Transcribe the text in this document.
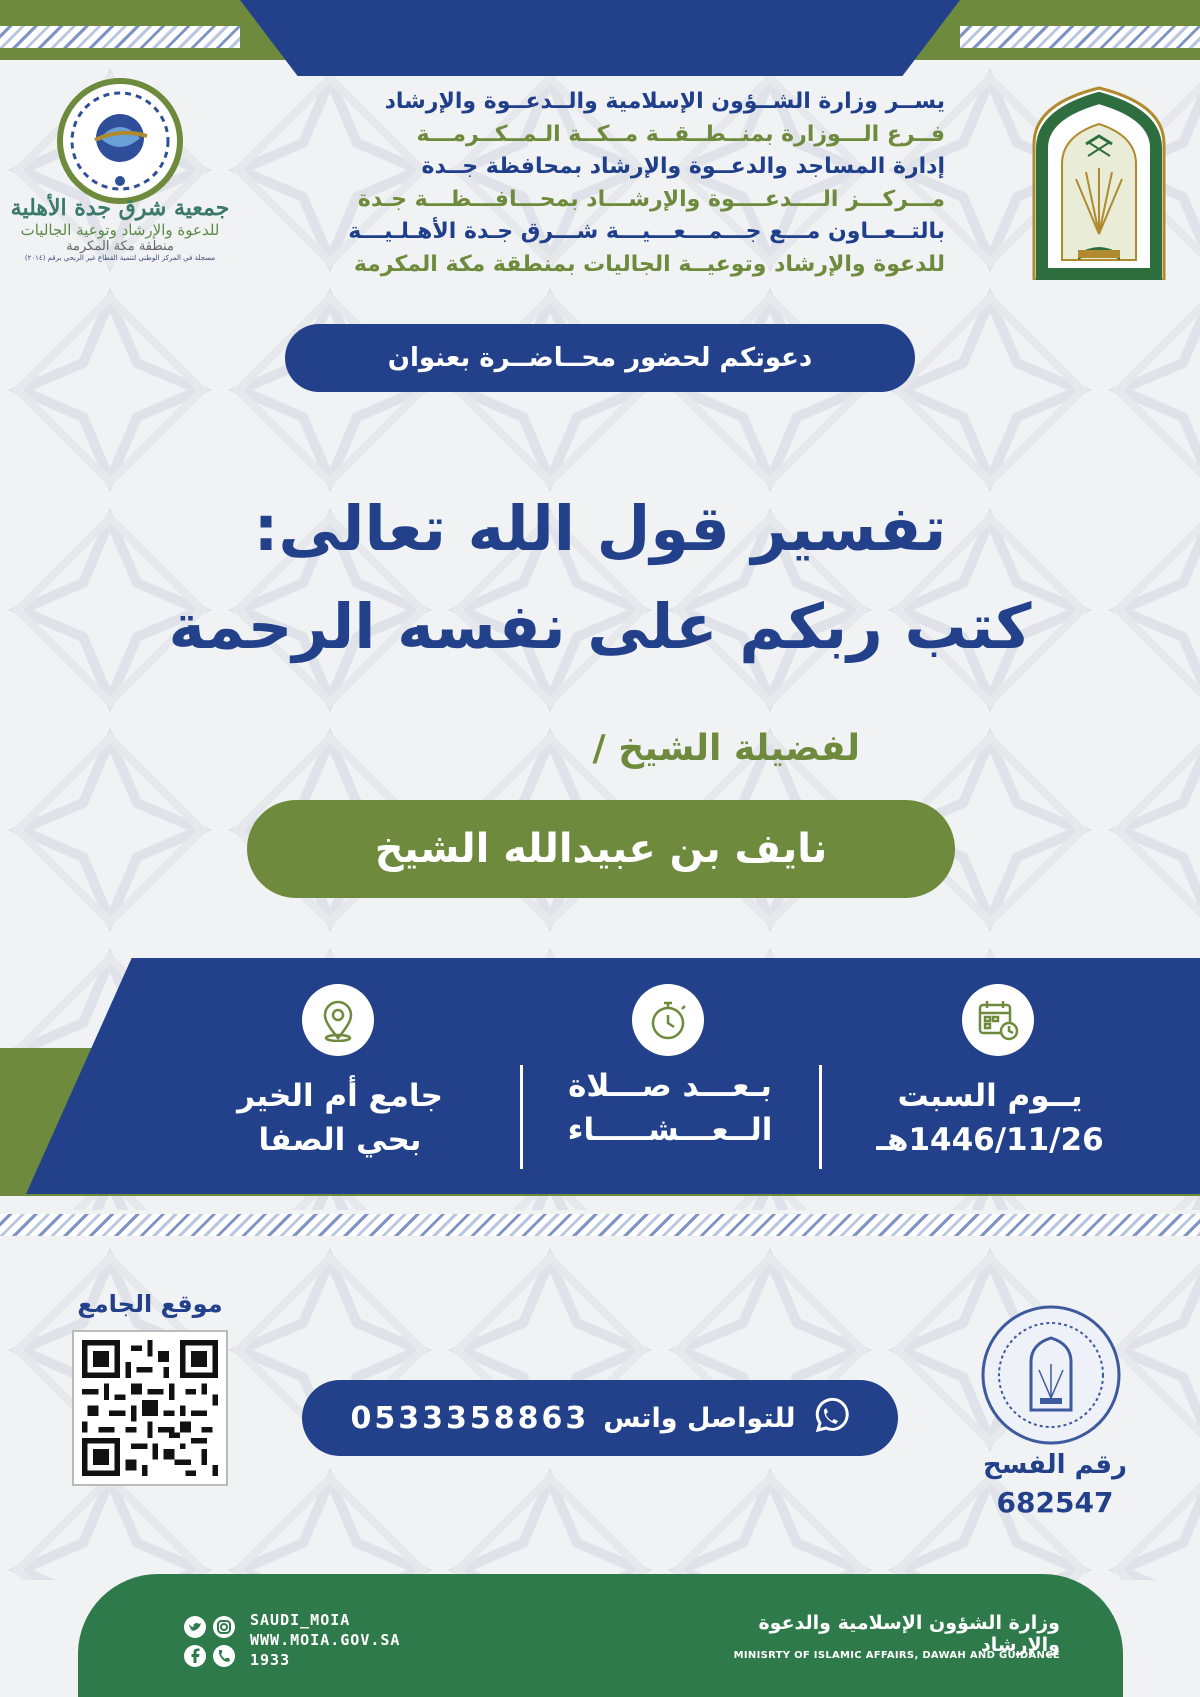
جمعية شرق جدة الأهلية
للدعوة والإرشاد وتوعية الجاليات
منطقة مكة المكرمة
مسجلة في المركز الوطني لتنمية القطاع غير الربحي برقم (٢٠١٤)
يســر وزارة الشــؤون الإسلامية والــدعــوة والإرشاد
فــرع الـــوزارة بمنــطــقــة مــكــة الـمــكــرمـــة
إدارة المساجد والدعــوة والإرشاد بمحافظة جــدة
مـــركـــز الــــدعــــوة والإرشـــاد بمحـــافـــظـــة جـدة
بالتــعــاون مـــع جـــمـــعـــيـــة شـــرق جـدة الأهـلـيـــة
للدعوة والإرشاد وتوعيــة الجاليات بمنطقة مكة المكرمة
دعوتكم لحضور محــاضــرة بعنوان
تفسير قول الله تعالى:
كتب ربكم على نفسه الرحمة
لفضيلة الشيخ /
نايف بن عبيدالله الشيخ
يــوم السبت
1446/11/26هـ
بـعـــد صـــلاة
الــعـــشـــــاء
جامع أم الخير
بحي الصفا
موقع الجامع
للتواصل واتس
0533358863
رقم الفسح
682547
وزارة الشؤون الإسلامية والدعوة والإرشاد
MINISRTY OF ISLAMIC AFFAIRS, DAWAH AND GUIDANCE
SAUDI_MOIA
WWW.MOIA.GOV.SA
1933
